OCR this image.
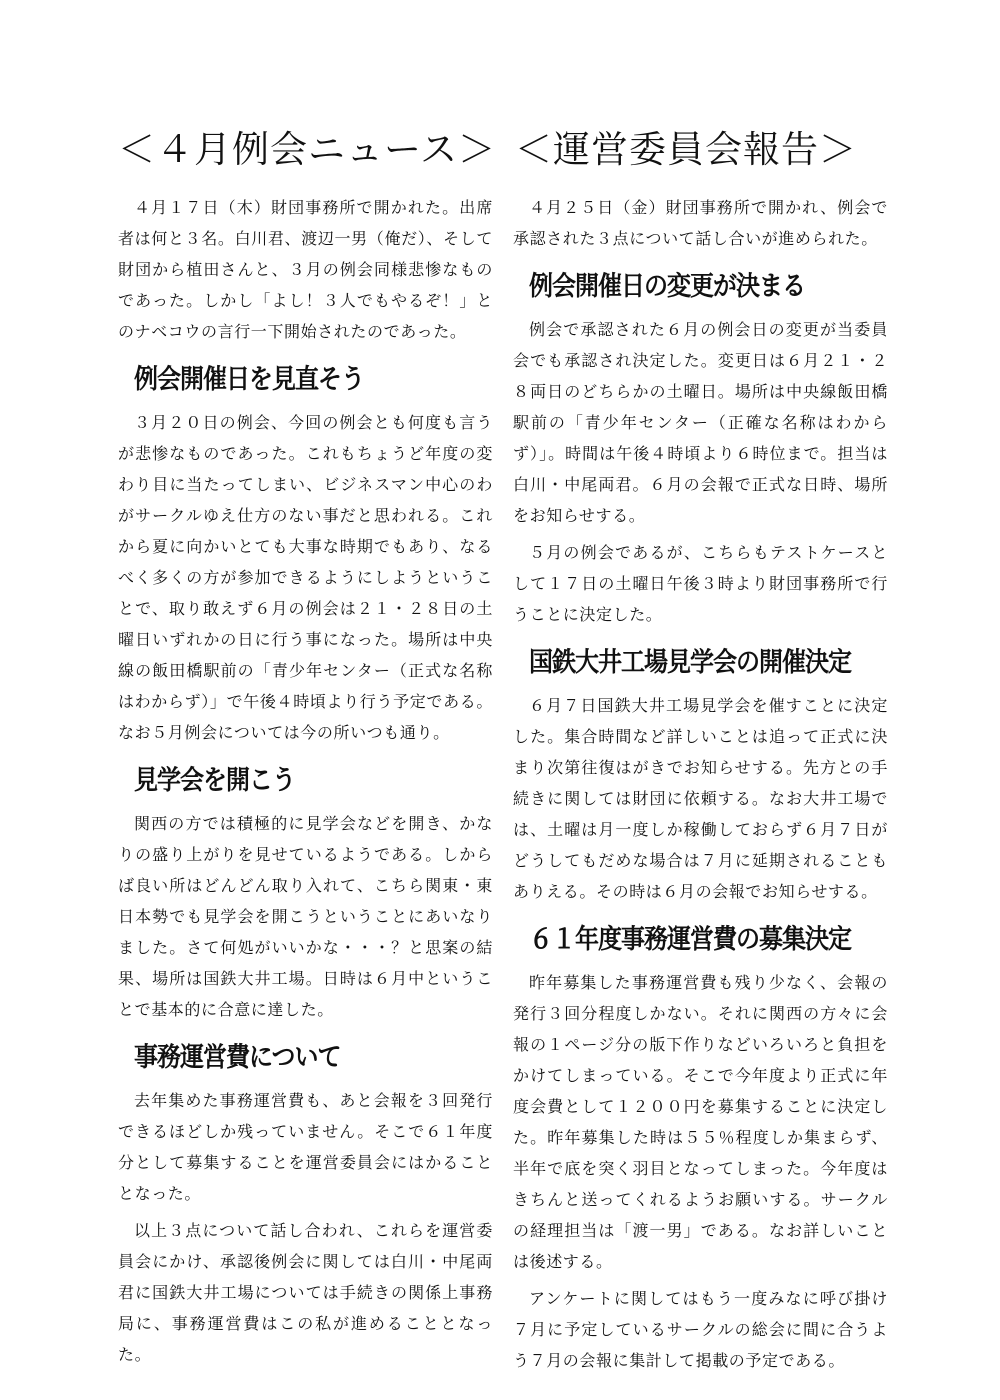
＜４月例会ニュース＞

４月１７日（木）財団事務所で開かれた。出席者は何と３名。白川君、渡辺一男（俺だ）、そして財団から植田さんと、３月の例会同様悲惨なものであった。しかし「よし！３人でもやるぞ！」とのナベコウの言行一下開始されたのであった。

例会開催日を見直そう

３月２０日の例会、今回の例会とも何度も言うが悲惨なものであった。これもちょうど年度の変わり目に当たってしまい、ビジネスマン中心のわがサークルゆえ仕方のない事だと思われる。これから夏に向かいとても大事な時期でもあり、なるべく多くの方が参加できるようにしようということで、取り敢えず６月の例会は２１・２８日の土曜日いずれかの日に行う事になった。場所は中央線の飯田橋駅前の「青少年センター（正式な名称はわからず）」で午後４時頃より行う予定である。なお５月例会については今の所いつも通り。

見学会を開こう

関西の方では積極的に見学会などを開き、かなりの盛り上がりを見せているようである。しからば良い所はどんどん取り入れて、こちら関東・東日本勢でも見学会を開こうということにあいなりました。さて何処がいいかな・・・？と思案の結果、場所は国鉄大井工場。日時は６月中ということで基本的に合意に達した。

事務運営費について

去年集めた事務運営費も、あと会報を３回発行できるほどしか残っていません。そこで６１年度分として募集することを運営委員会にはかることとなった。

以上３点について話し合われ、これらを運営委員会にかけ、承認後例会に関しては白川・中尾両君に国鉄大井工場については手続きの関係上事務局に、事務運営費はこの私が進めることとなった。

＜運営委員会報告＞

４月２５日（金）財団事務所で開かれ、例会で承認された３点について話し合いが進められた。

例会開催日の変更が決まる

例会で承認された６月の例会日の変更が当委員会でも承認され決定した。変更日は６月２１・２８両日のどちらかの土曜日。場所は中央線飯田橋駅前の「青少年センター（正確な名称はわからず）」。時間は午後４時頃より６時位まで。担当は白川・中尾両君。６月の会報で正式な日時、場所をお知らせする。

５月の例会であるが、こちらもテストケースとして１７日の土曜日午後３時より財団事務所で行うことに決定した。

国鉄大井工場見学会の開催決定

６月７日国鉄大井工場見学会を催すことに決定した。集合時間など詳しいことは追って正式に決まり次第往復はがきでお知らせする。先方との手続きに関しては財団に依頼する。なお大井工場では、土曜は月一度しか稼働しておらず６月７日がどうしてもだめな場合は７月に延期されることもありえる。その時は６月の会報でお知らせする。

６１年度事務運営費の募集決定

昨年募集した事務運営費も残り少なく、会報の発行３回分程度しかない。それに関西の方々に会報の１ページ分の版下作りなどいろいろと負担をかけてしまっている。そこで今年度より正式に年度会費として１２００円を募集することに決定した。昨年募集した時は５５％程度しか集まらず、半年で底を突く羽目となってしまった。今年度はきちんと送ってくれるようお願いする。サークルの経理担当は「渡一男」である。なお詳しいことは後述する。

アンケートに関してはもう一度みなに呼び掛け７月に予定しているサークルの総会に間に合うよう７月の会報に集計して掲載の予定である。
